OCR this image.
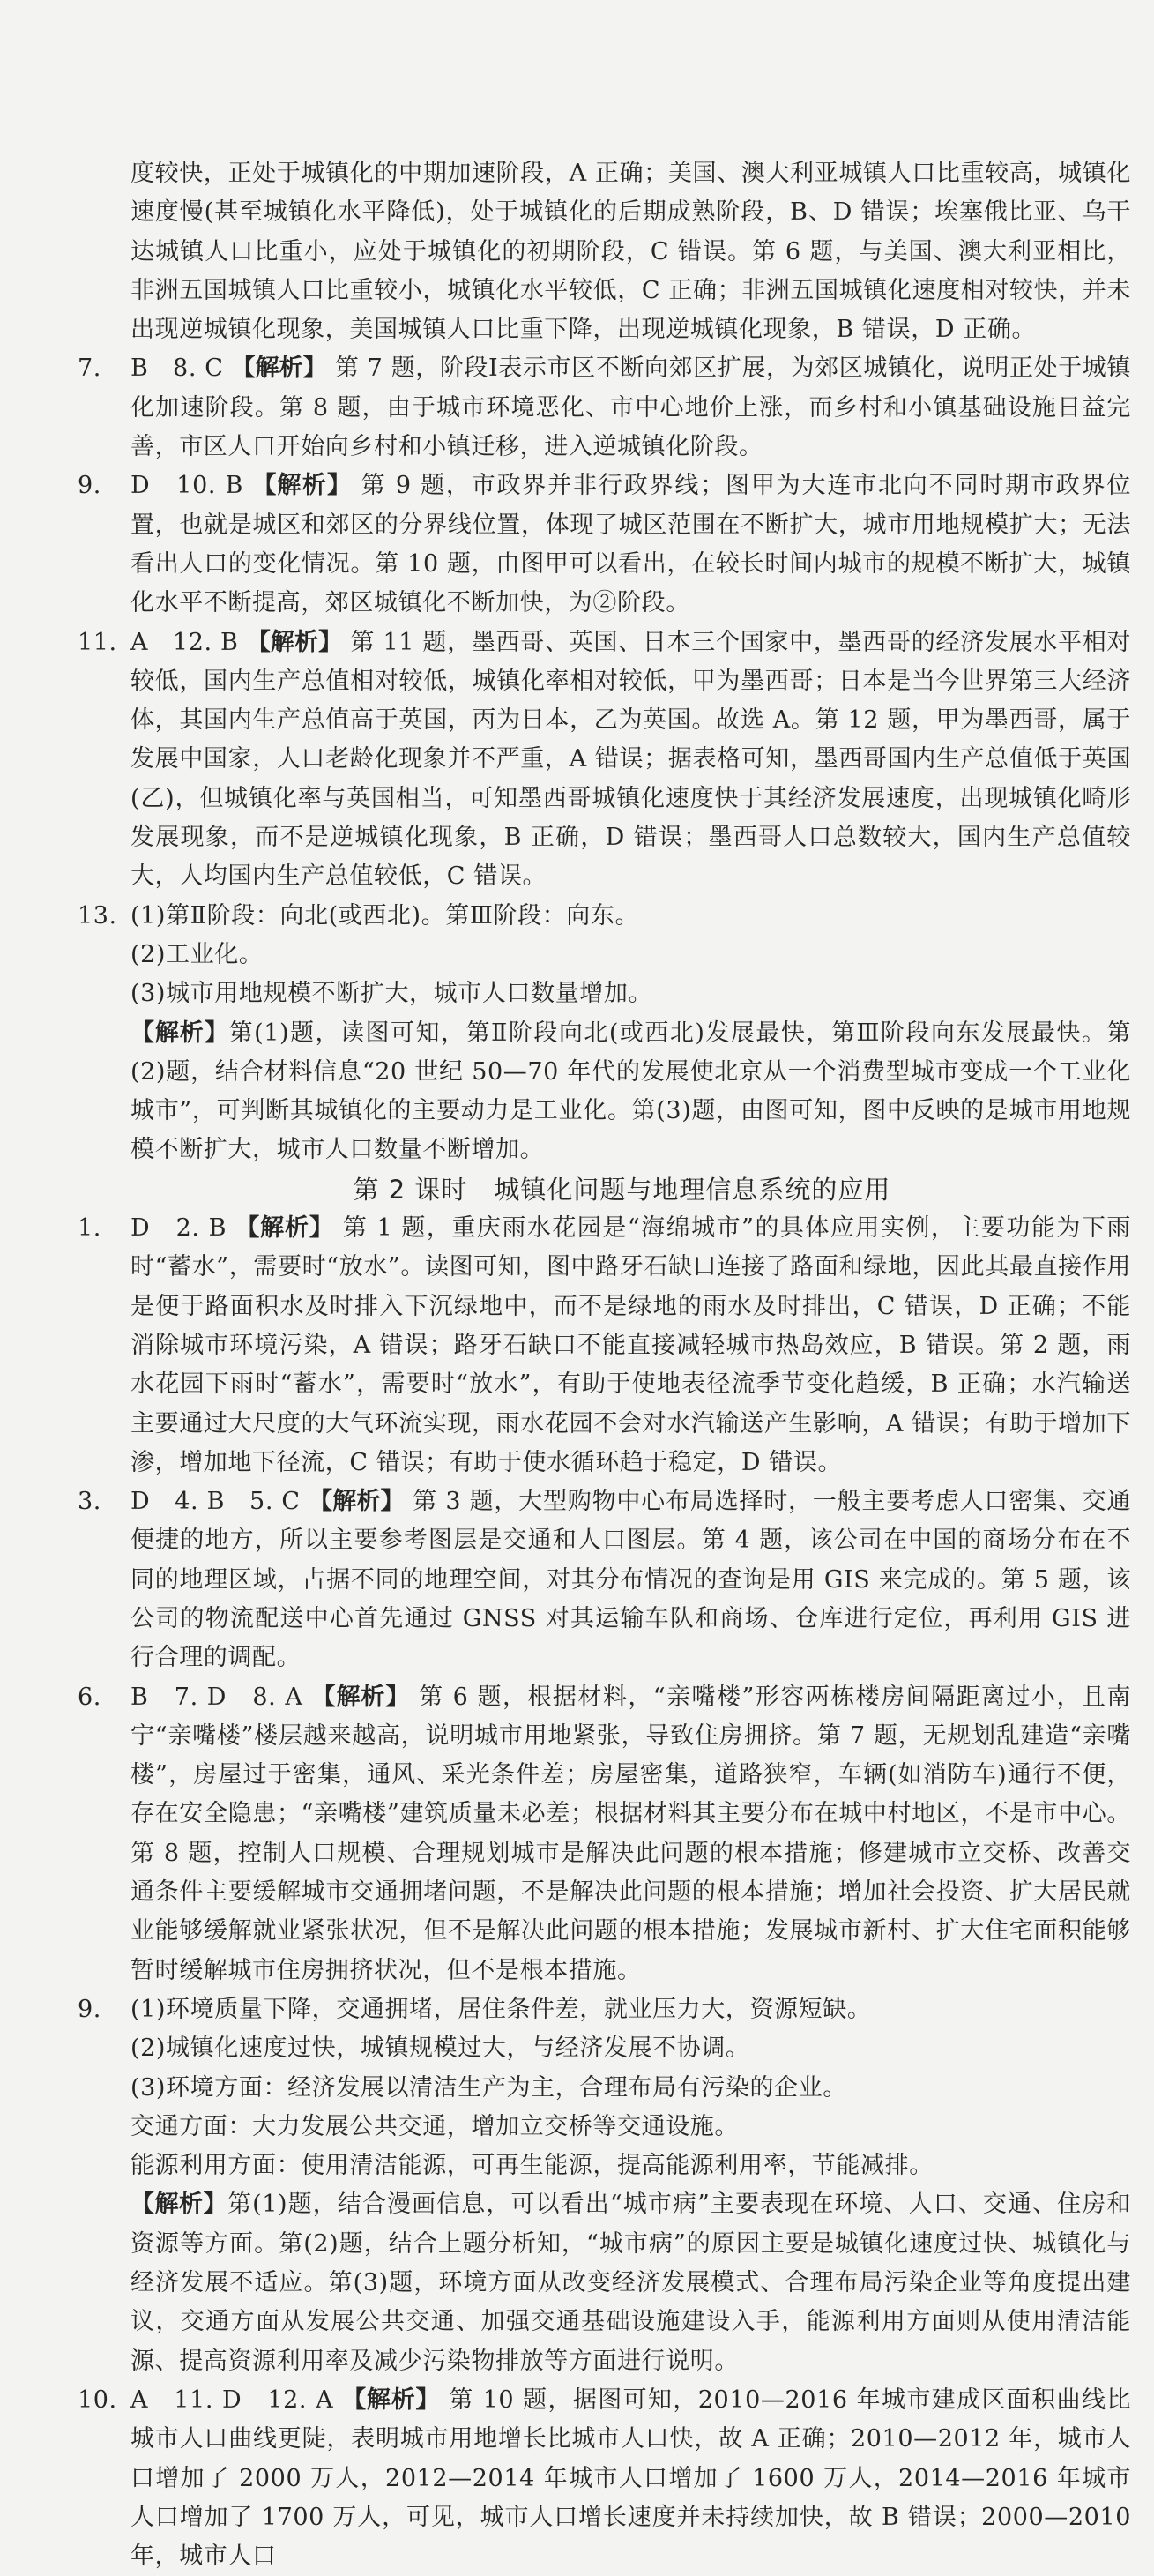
度较快，正处于城镇化的中期加速阶段，A 正确；美国、澳大利亚城镇人口比重较高，城镇化速度慢(甚至城镇化水平降低)，处于城镇化的后期成熟阶段，B、D 错误；埃塞俄比亚、乌干达城镇人口比重小，应处于城镇化的初期阶段，C 错误。第 6 题，与美国、澳大利亚相比，非洲五国城镇人口比重较小，城镇化水平较低，C 正确；非洲五国城镇化速度相对较快，并未出现逆城镇化现象，美国城镇人口比重下降，出现逆城镇化现象，B 错误，D 正确。

7. B　8. C 【解析】 第 7 题，阶段Ⅰ表示市区不断向郊区扩展，为郊区城镇化，说明正处于城镇化加速阶段。第 8 题，由于城市环境恶化、市中心地价上涨，而乡村和小镇基础设施日益完善，市区人口开始向乡村和小镇迁移，进入逆城镇化阶段。
9. D　10. B 【解析】 第 9 题，市政界并非行政界线；图甲为大连市北向不同时期市政界位置，也就是城区和郊区的分界线位置，体现了城区范围在不断扩大，城市用地规模扩大；无法看出人口的变化情况。第 10 题，由图甲可以看出，在较长时间内城市的规模不断扩大，城镇化水平不断提高，郊区城镇化不断加快，为②阶段。
11. A　12. B 【解析】 第 11 题，墨西哥、英国、日本三个国家中，墨西哥的经济发展水平相对较低，国内生产总值相对较低，城镇化率相对较低，甲为墨西哥；日本是当今世界第三大经济体，其国内生产总值高于英国，丙为日本，乙为英国。故选 A。第 12 题，甲为墨西哥，属于发展中国家，人口老龄化现象并不严重，A 错误；据表格可知，墨西哥国内生产总值低于英国(乙)，但城镇化率与英国相当，可知墨西哥城镇化速度快于其经济发展速度，出现城镇化畸形发展现象，而不是逆城镇化现象，B 正确，D 错误；墨西哥人口总数较大，国内生产总值较大，人均国内生产总值较低，C 错误。
13. (1)第Ⅱ阶段：向北(或西北)。第Ⅲ阶段：向东。

(2)工业化。

(3)城市用地规模不断扩大，城市人口数量增加。

【解析】第(1)题，读图可知，第Ⅱ阶段向北(或西北)发展最快，第Ⅲ阶段向东发展最快。第(2)题，结合材料信息“20 世纪 50—70 年代的发展使北京从一个消费型城市变成一个工业化城市”，可判断其城镇化的主要动力是工业化。第(3)题，由图可知，图中反映的是城市用地规模不断扩大，城市人口数量不断增加。

第 2 课时　城镇化问题与地理信息系统的应用

1. D　2. B 【解析】 第 1 题，重庆雨水花园是“海绵城市”的具体应用实例，主要功能为下雨时“蓄水”，需要时“放水”。读图可知，图中路牙石缺口连接了路面和绿地，因此其最直接作用是便于路面积水及时排入下沉绿地中，而不是绿地的雨水及时排出，C 错误，D 正确；不能消除城市环境污染，A 错误；路牙石缺口不能直接减轻城市热岛效应，B 错误。第 2 题，雨水花园下雨时“蓄水”，需要时“放水”，有助于使地表径流季节变化趋缓，B 正确；水汽输送主要通过大尺度的大气环流实现，雨水花园不会对水汽输送产生影响，A 错误；有助于增加下渗，增加地下径流，C 错误；有助于使水循环趋于稳定，D 错误。
3. D　4. B　5. C 【解析】 第 3 题，大型购物中心布局选择时，一般主要考虑人口密集、交通便捷的地方，所以主要参考图层是交通和人口图层。第 4 题，该公司在中国的商场分布在不同的地理区域，占据不同的地理空间，对其分布情况的查询是用 GIS 来完成的。第 5 题，该公司的物流配送中心首先通过 GNSS 对其运输车队和商场、仓库进行定位，再利用 GIS 进行合理的调配。
6. B　7. D　8. A 【解析】 第 6 题，根据材料，“亲嘴楼”形容两栋楼房间隔距离过小，且南宁“亲嘴楼”楼层越来越高，说明城市用地紧张，导致住房拥挤。第 7 题，无规划乱建造“亲嘴楼”，房屋过于密集，通风、采光条件差；房屋密集，道路狭窄，车辆(如消防车)通行不便，存在安全隐患；“亲嘴楼”建筑质量未必差；根据材料其主要分布在城中村地区，不是市中心。第 8 题，控制人口规模、合理规划城市是解决此问题的根本措施；修建城市立交桥、改善交通条件主要缓解城市交通拥堵问题，不是解决此问题的根本措施；增加社会投资、扩大居民就业能够缓解就业紧张状况，但不是解决此问题的根本措施；发展城市新村、扩大住宅面积能够暂时缓解城市住房拥挤状况，但不是根本措施。
9. (1)环境质量下降，交通拥堵，居住条件差，就业压力大，资源短缺。

(2)城镇化速度过快，城镇规模过大，与经济发展不协调。

(3)环境方面：经济发展以清洁生产为主，合理布局有污染的企业。

交通方面：大力发展公共交通，增加立交桥等交通设施。

能源利用方面：使用清洁能源，可再生能源，提高能源利用率，节能减排。

【解析】第(1)题，结合漫画信息，可以看出“城市病”主要表现在环境、人口、交通、住房和资源等方面。第(2)题，结合上题分析知，“城市病”的原因主要是城镇化速度过快、城镇化与经济发展不适应。第(3)题，环境方面从改变经济发展模式、合理布局污染企业等角度提出建议，交通方面从发展公共交通、加强交通基础设施建设入手，能源利用方面则从使用清洁能源、提高资源利用率及减少污染物排放等方面进行说明。

10. A　11. D　12. A 【解析】 第 10 题，据图可知，2010—2016 年城市建成区面积曲线比城市人口曲线更陡，表明城市用地增长比城市人口快，故 A 正确；2010—2012 年，城市人口增加了 2000 万人，2012—2014 年城市人口增加了 1600 万人，2014—2016 年城市人口增加了 1700 万人，可见，城市人口增长速度并未持续加快，故 B 错误；2000—2010 年，城市人口
